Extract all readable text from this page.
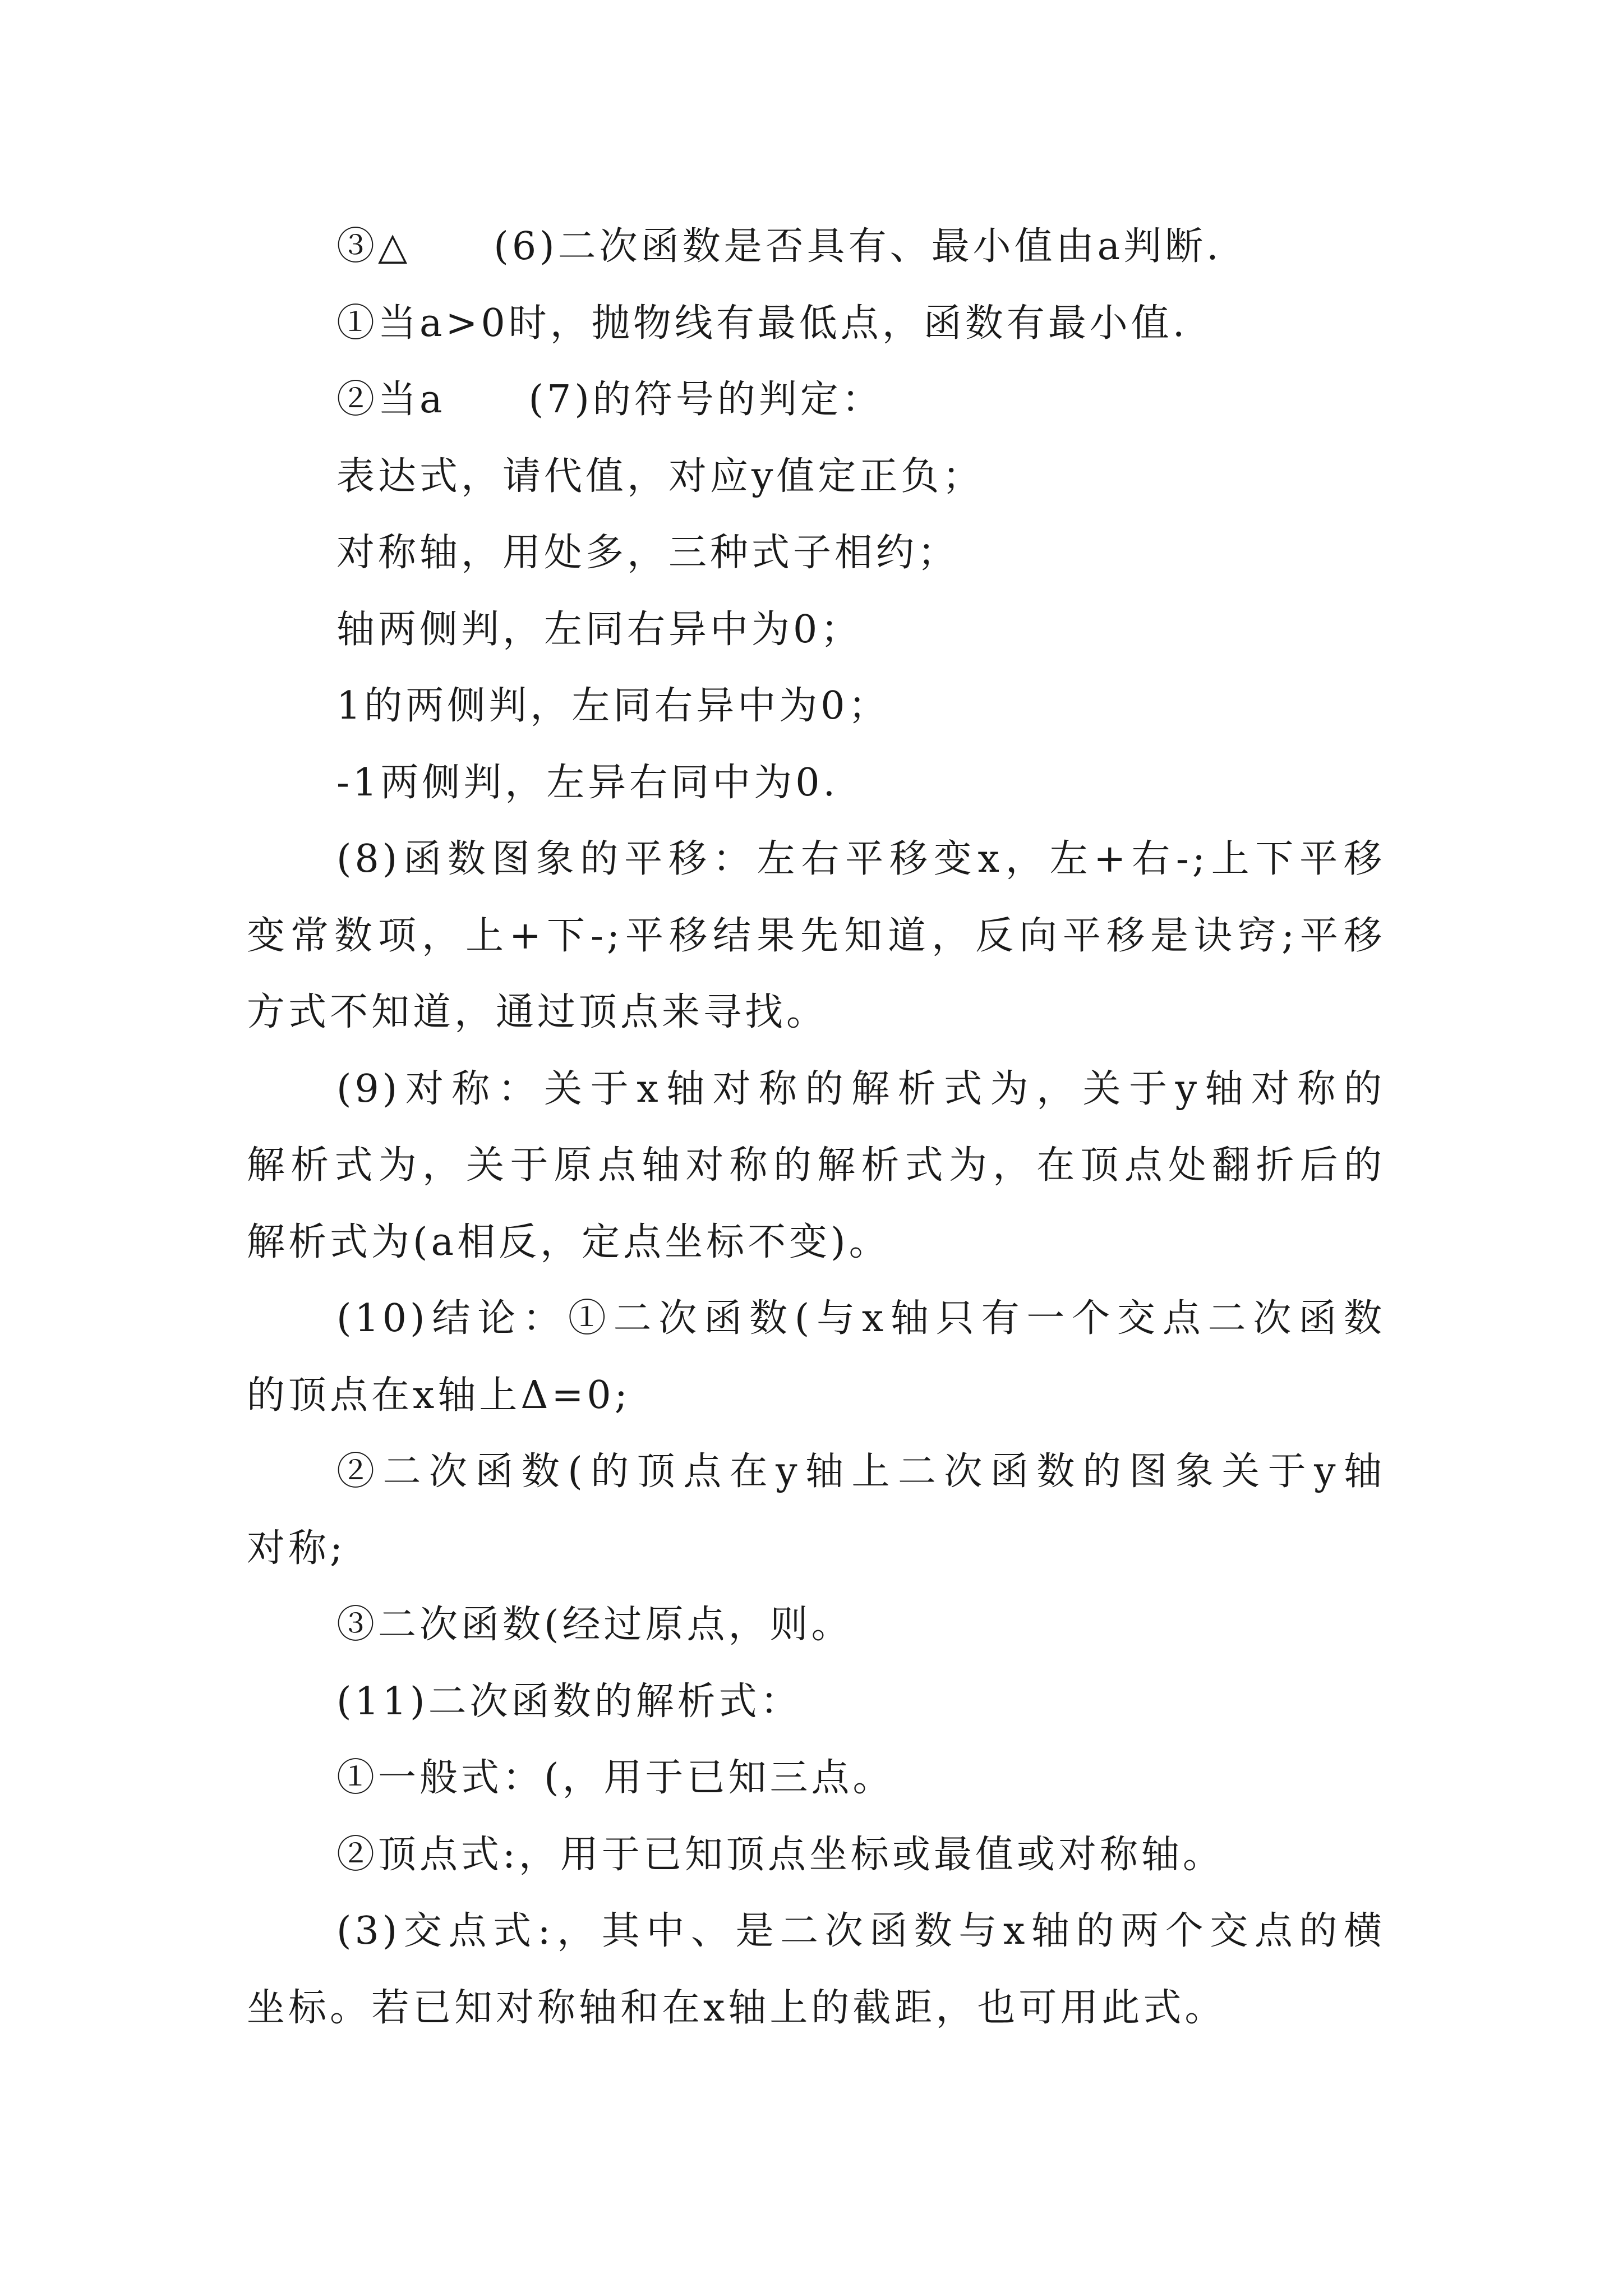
③△　　(6)二次函数是否具有、最小值由a判断.
①当a>0时，抛物线有最低点，函数有最小值.
②当a　　(7)的符号的判定：
表达式，请代值，对应y值定正负；
对称轴，用处多，三种式子相约；
轴两侧判，左同右异中为0；
1的两侧判，左同右异中为0；
-1两侧判，左异右同中为0.
(8)函数图象的平移：左右平移变x，左+右-;上下平移
变常数项，上+下-;平移结果先知道，反向平移是诀窍;平移
方式不知道，通过顶点来寻找。
(9)对称：关于x轴对称的解析式为，关于y轴对称的
解析式为，关于原点轴对称的解析式为，在顶点处翻折后的
解析式为(a相反，定点坐标不变)。
(10)结论：①二次函数(与x轴只有一个交点二次函数
的顶点在x轴上Δ=0;
②二次函数(的顶点在y轴上二次函数的图象关于y轴
对称;
③二次函数(经过原点，则。
(11)二次函数的解析式：
①一般式：(，用于已知三点。
②顶点式:，用于已知顶点坐标或最值或对称轴。
(3)交点式:，其中、是二次函数与x轴的两个交点的横
坐标。若已知对称轴和在x轴上的截距，也可用此式。
